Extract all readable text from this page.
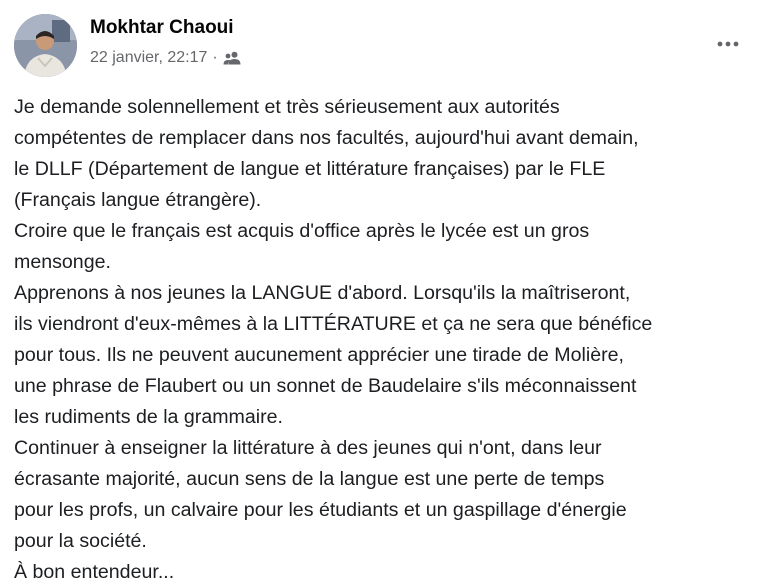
Mokhtar Chaoui
22 janvier, 22:17 ·

Je demande solennellement et très sérieusement aux autorités

compétentes de remplacer dans nos facultés, aujourd'hui avant demain,

le DLLF (Département de langue et littérature françaises) par le FLE

(Français langue étrangère).

Croire que le français est acquis d'office après le lycée est un gros

mensonge.

Apprenons à nos jeunes la LANGUE d'abord. Lorsqu'ils la maîtriseront,

ils viendront d'eux-mêmes à la LITTÉRATURE et ça ne sera que bénéfice

pour tous. Ils ne peuvent aucunement apprécier une tirade de Molière,

une phrase de Flaubert ou un sonnet de Baudelaire s'ils méconnaissent

les rudiments de la grammaire.

Continuer à enseigner la littérature à des jeunes qui n'ont, dans leur

écrasante majorité, aucun sens de la langue est une perte de temps

pour les profs, un calvaire pour les étudiants et un gaspillage d'énergie

pour la société.

À bon entendeur...
